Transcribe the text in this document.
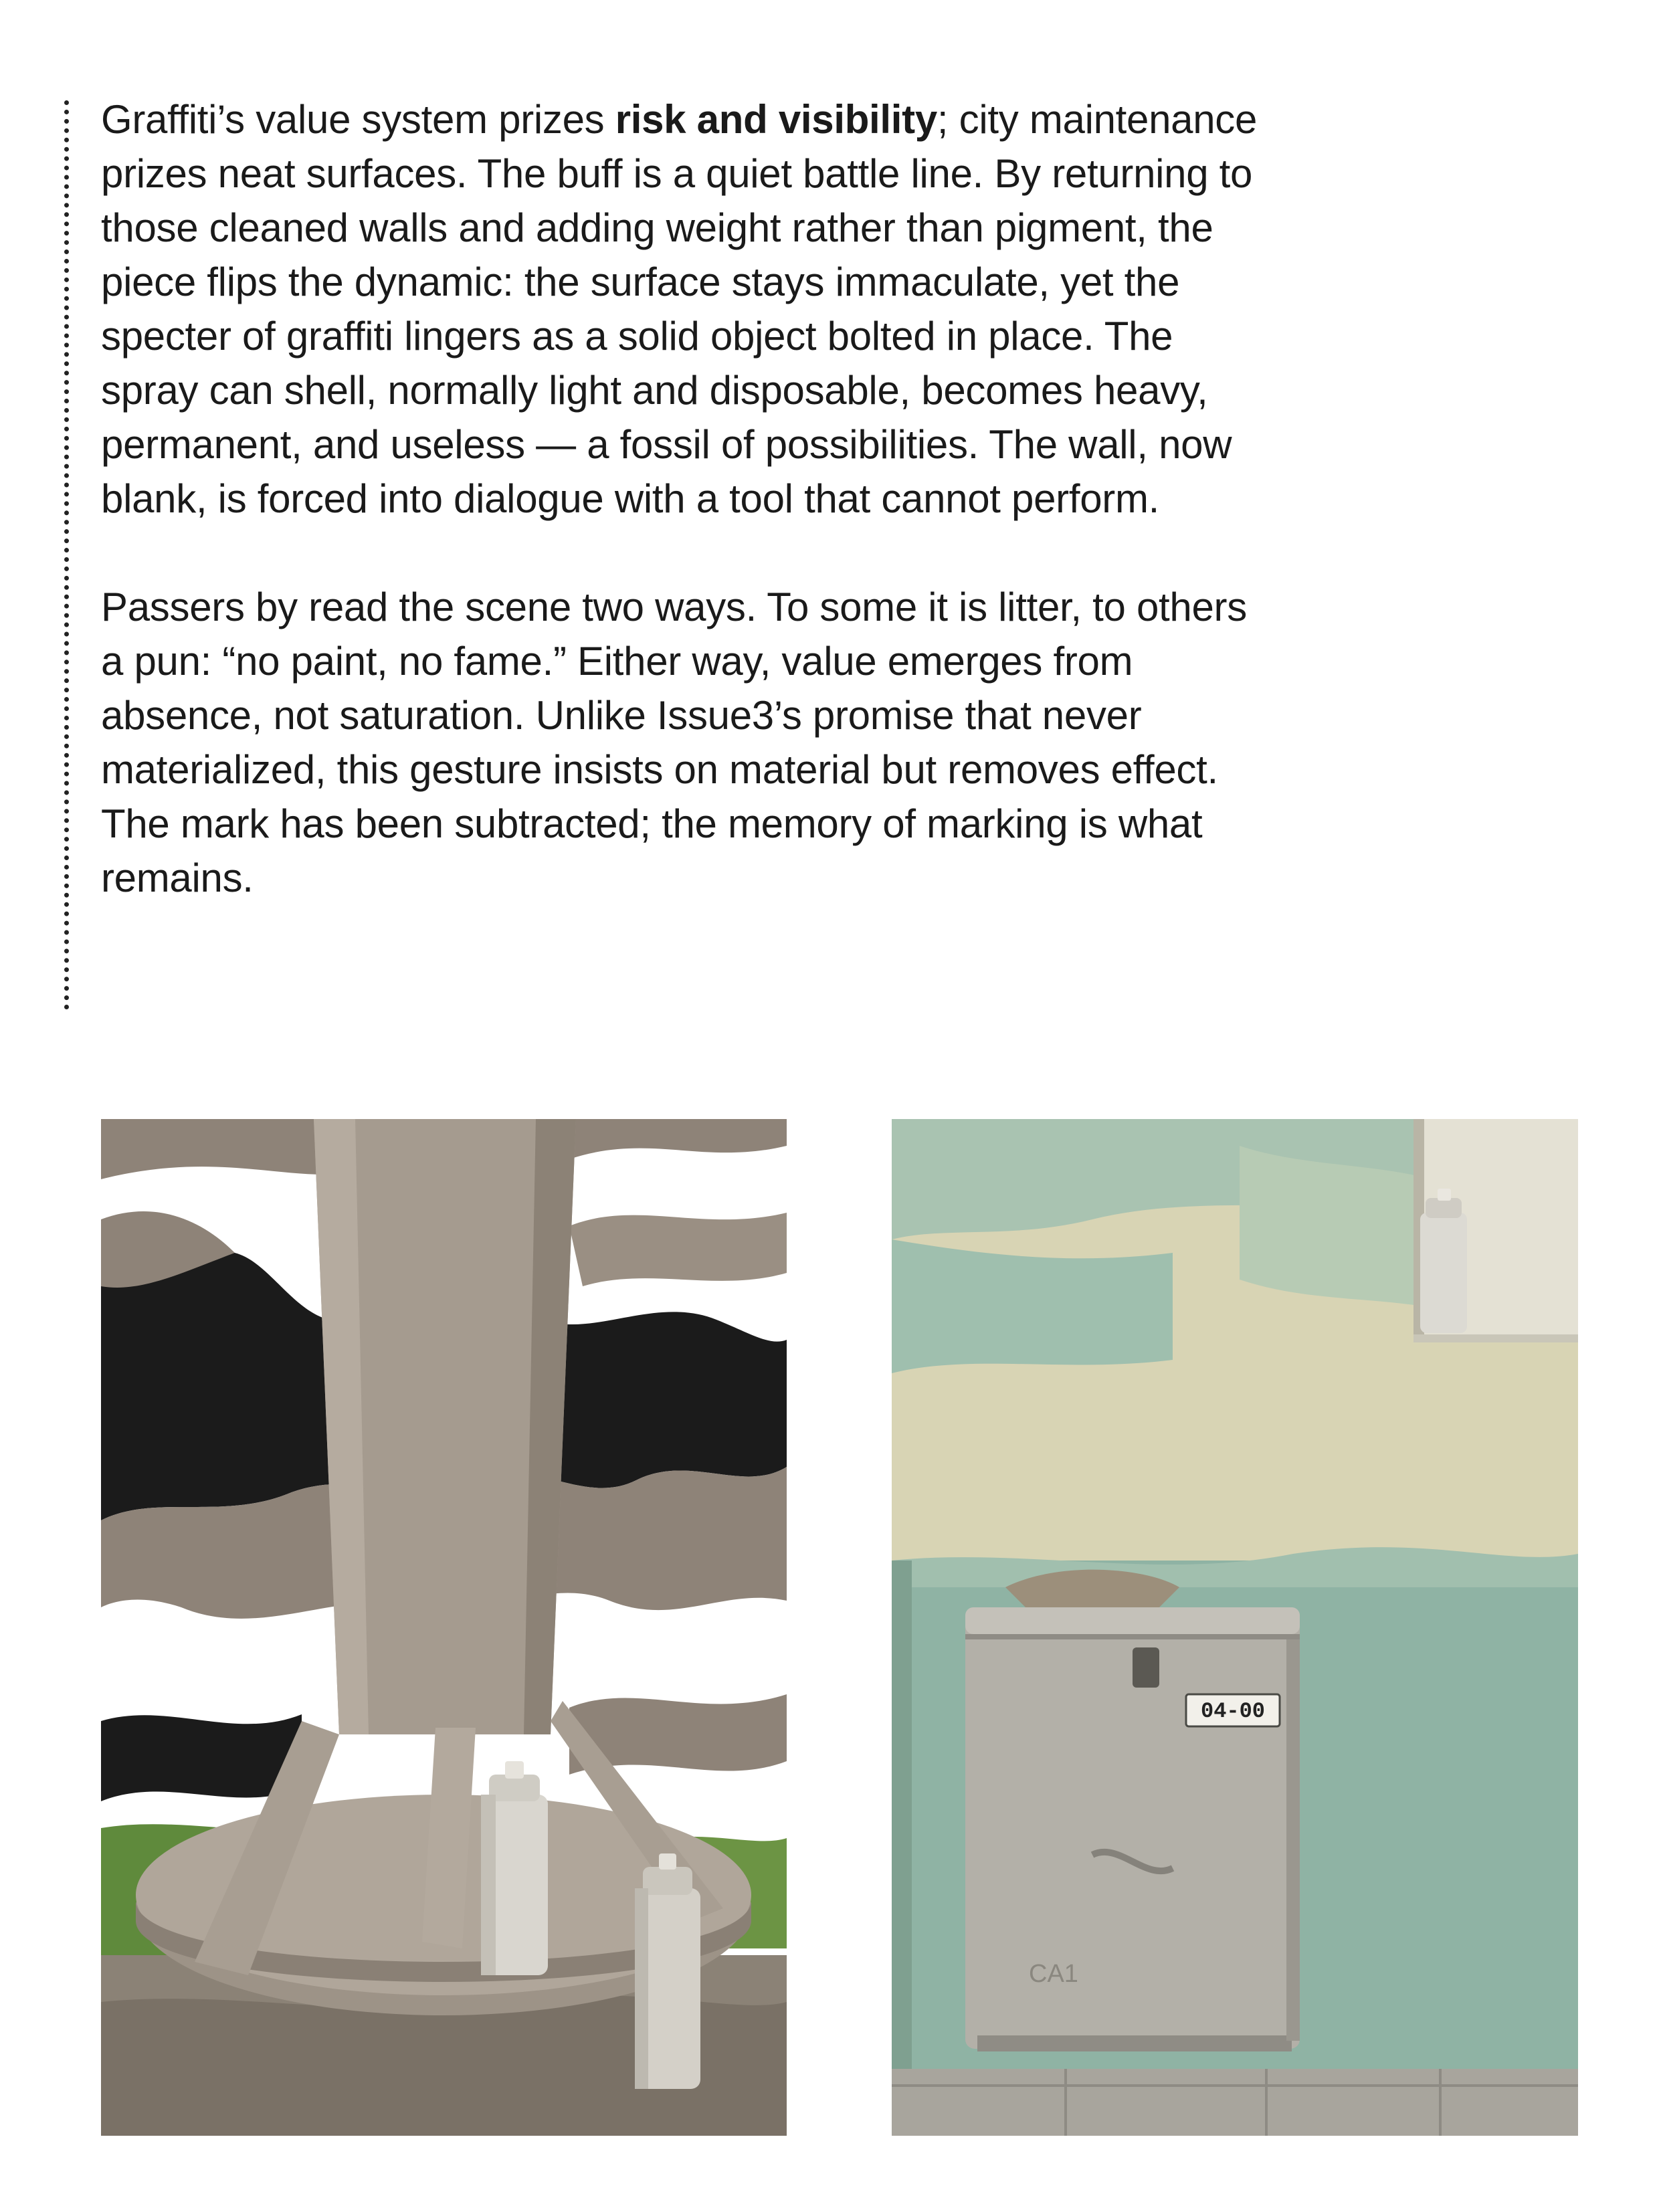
Graffiti’s value system prizes risk and visibility; city maintenance prizes neat surfaces. The buff is a quiet battle line. By returning to those cleaned walls and adding weight rather than pigment, the piece flips the dynamic: the surface stays immaculate, yet the specter of graffiti lingers as a solid object bolted in place. The spray can shell, normally light and disposable, becomes heavy, permanent, and useless — a fossil of possibilities. The wall, now blank, is forced into dialogue with a tool that cannot perform.

Passers by read the scene two ways. To some it is litter, to others a pun: “no paint, no fame.” Either way, value emerges from absence, not saturation. Unlike Issue3’s promise that never materialized, this gesture insists on material but removes effect. The mark has been subtracted; the memory of marking is what remains.

04-00
CA1
